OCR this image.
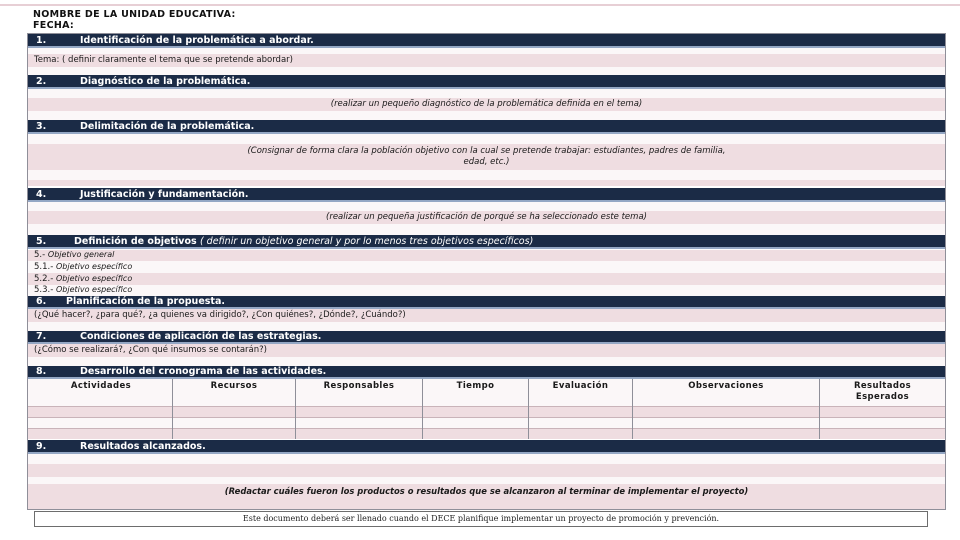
NOMBRE DE LA UNIDAD EDUCATIVA:
FECHA:
1.	Identificación de la problemática a abordar.
Tema: ( definir claramente el tema que se pretende abordar)
2.	Diagnóstico de la problemática.
(realizar un pequeño diagnóstico de la problemática definida en el tema)
3.	Delimitación de la problemática.
(Consignar de forma clara la población objetivo con la cual se pretende trabajar: estudiantes, padres de familia,
edad, etc.)
4.	Justificación y fundamentación.
(realizar un pequeña justificación de porqué se ha seleccionado este tema)
5.	Definición de objetivos ( definir un objetivo general y por lo menos tres objetivos específicos)
5.- Objetivo general
5.1.- Objetivo específico
5.2.- Objetivo específico
5.3.- Objetivo específico
6. Planificación de la propuesta.
(¿Qué hacer?, ¿para qué?, ¿a quienes va dirigido?, ¿Con quiénes?, ¿Dónde?, ¿Cuándo?)
7.	Condiciones de aplicación de las estrategias.
(¿Cómo se realizará?, ¿Con qué insumos se contarán?)
8.	Desarrollo del cronograma de las actividades.
Actividades	Recursos	Responsables	Tiempo	Evaluación	Observaciones	Resultados
Esperados
9.	Resultados alcanzados.
(Redactar cuáles fueron los productos o resultados que se alcanzaron al terminar de implementar el proyecto)
Este documento deberá ser llenado cuando el DECE planifique implementar un proyecto de promoción y prevención.
